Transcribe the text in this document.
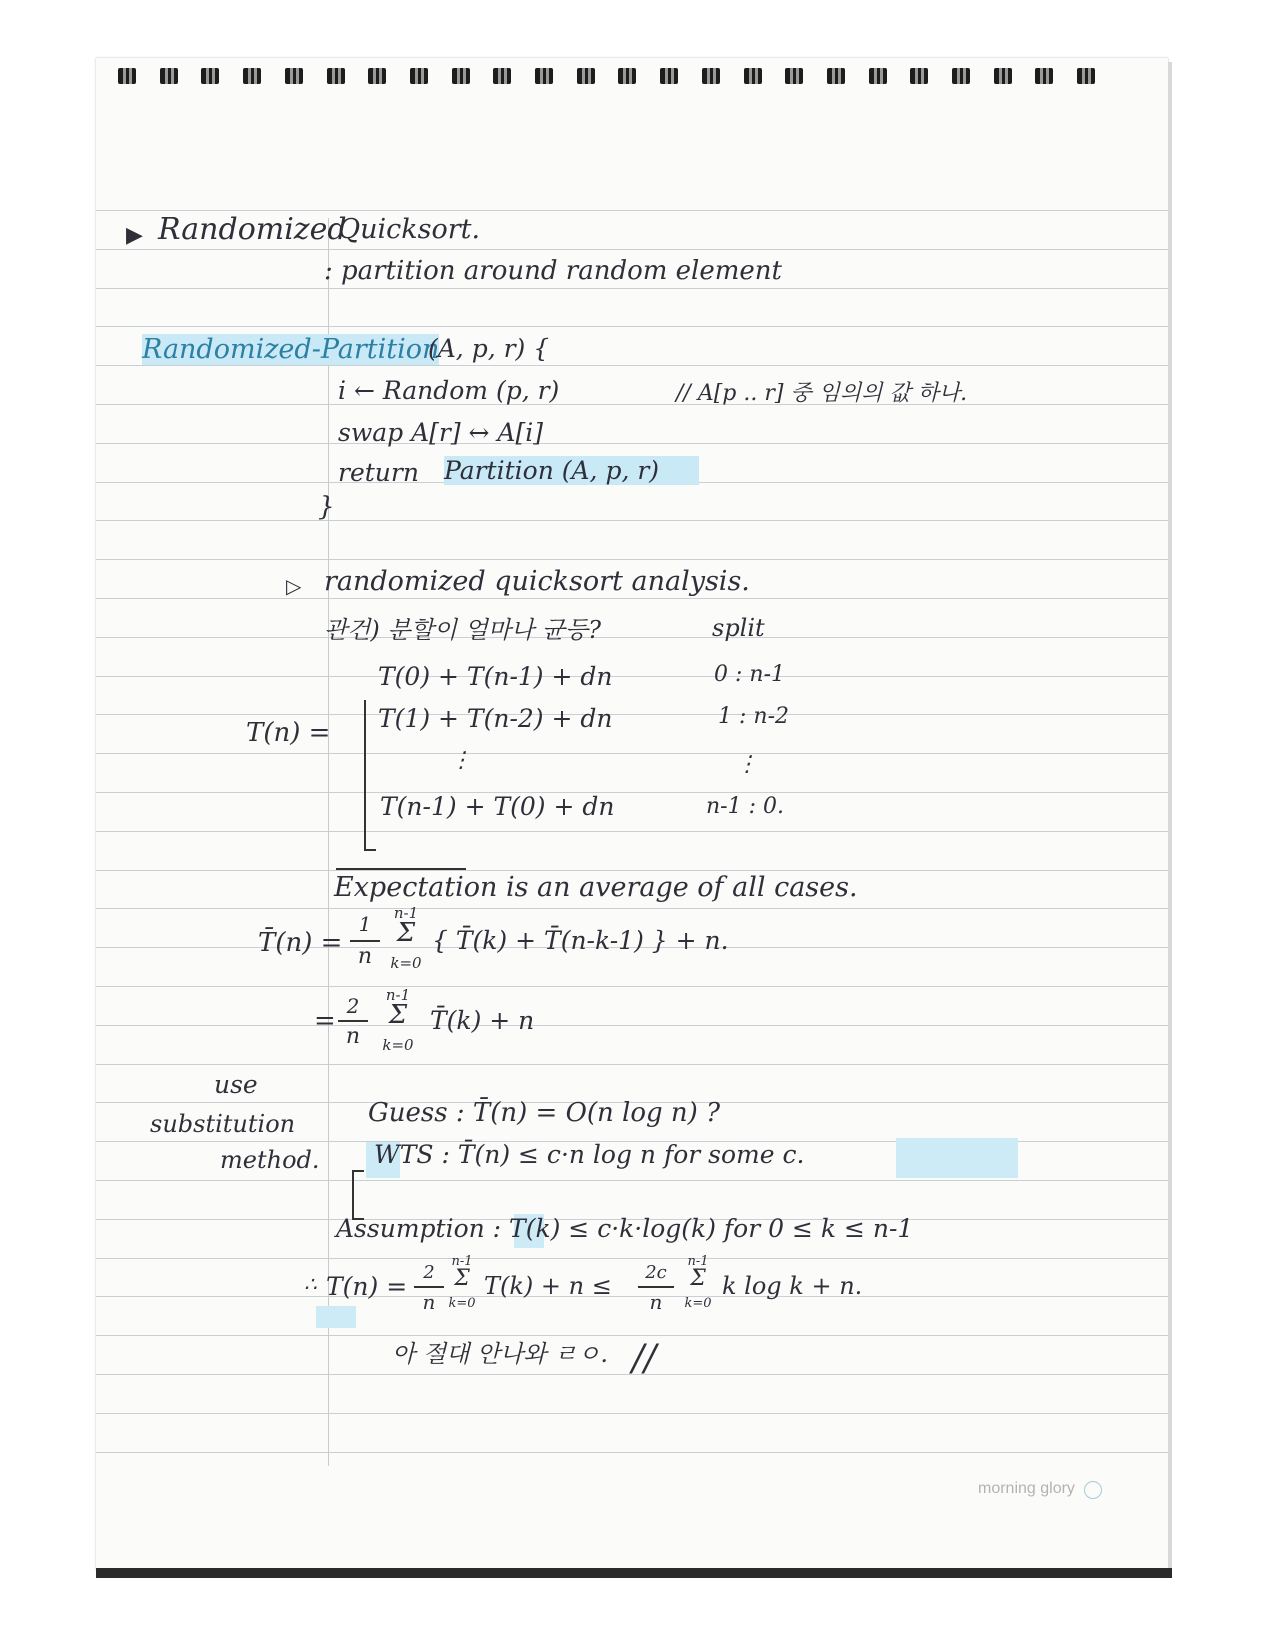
▶ Randomized
Quicksort.
: partition around random element
Randomized-Partition
(A, p, r) {
i ← Random (p, r)	// A[p .. r] 중 임의의 값 하나.
swap A[r] ↔ A[i]
return Partition (A, p, r)
}
▷ randomized quicksort analysis.
관건) 분할이 얼마나 균등?	split
T(n) =
T(0) + T(n-1) + dn	0 : n-1
T(1) + T(n-2) + dn	1 : n-2
⋮	⋮
T(n-1) + T(0) + dn	n-1 : 0.
Expectation is an average of all cases.
T̄(n) =
1
n
n-1
Σ
k=0
{ T̄(k) + T̄(n-k-1) } + n.
= 2
n
n-1
Σ
k=0
T̄(k) + n
use
substitution
method.
Guess : T̄(n) = O(n log n) ?
WTS : T̄(n) ≤ c·n log n for some c.
Assumption : T(k) ≤ c·k·log(k) for 0 ≤ k ≤ n-1
∴ T(n) = 2
n
n-1
Σ
k=0
T(k) + n ≤	2c
n
n-1
Σ
k=0
k log k + n.
아 절대 안나와 ㄹㅇ. //
morning glory
